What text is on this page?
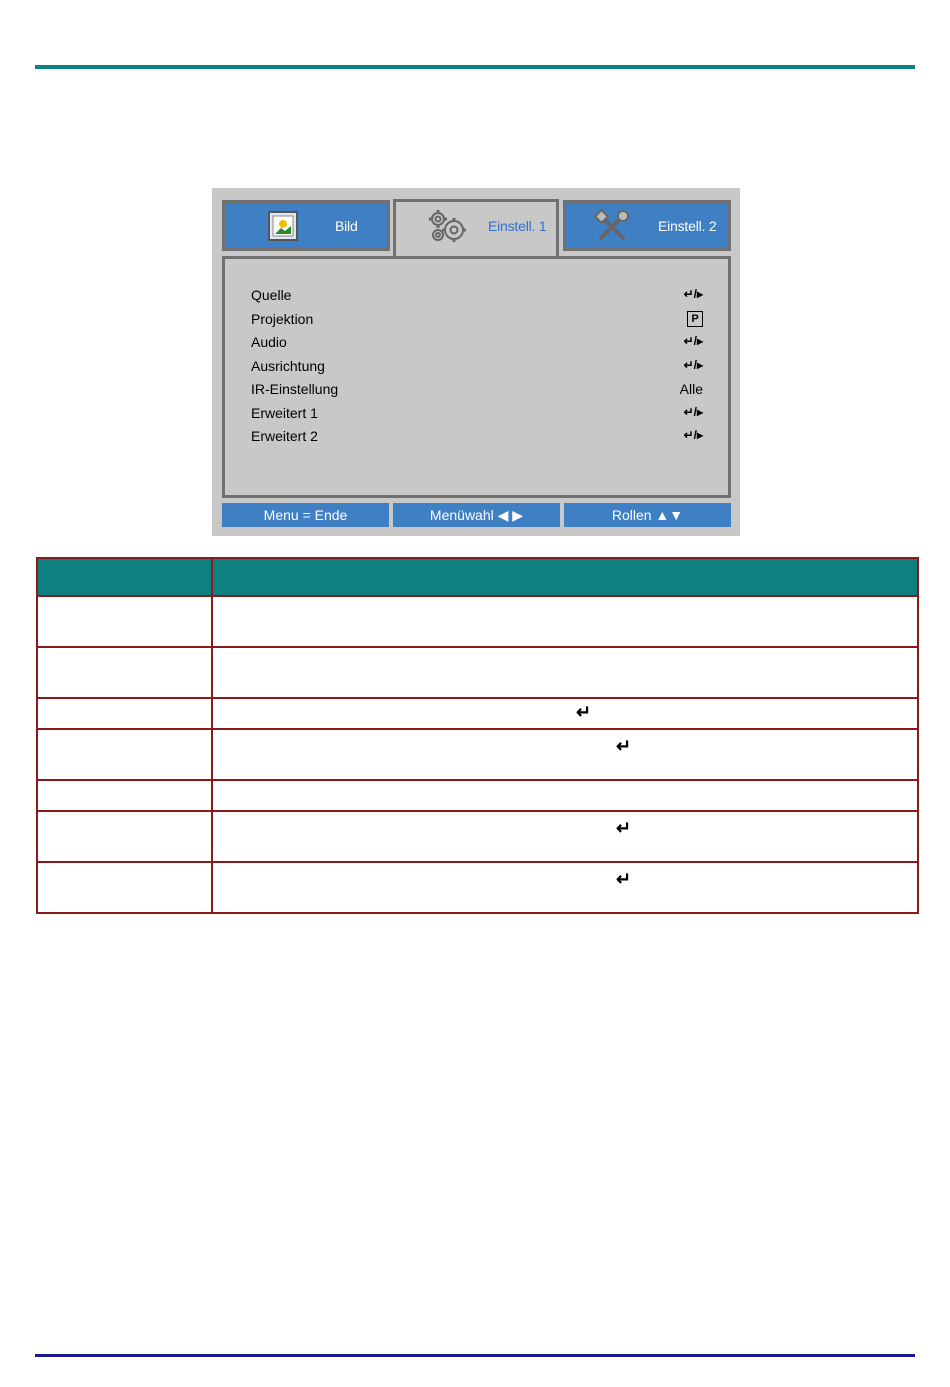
Bild	Einstell. 1	Einstell. 2
Quelle	↵/▸
Projektion	P
Audio	↵/▸
Ausrichtung	↵/▸
IR-Einstellung	Alle
Erweitert 1	↵/▸
Erweitert 2	↵/▸
Menu = Ende	Menüwahl ◀ ▶	Rollen ▲▼

	↵

	↵

	↵

	↵
